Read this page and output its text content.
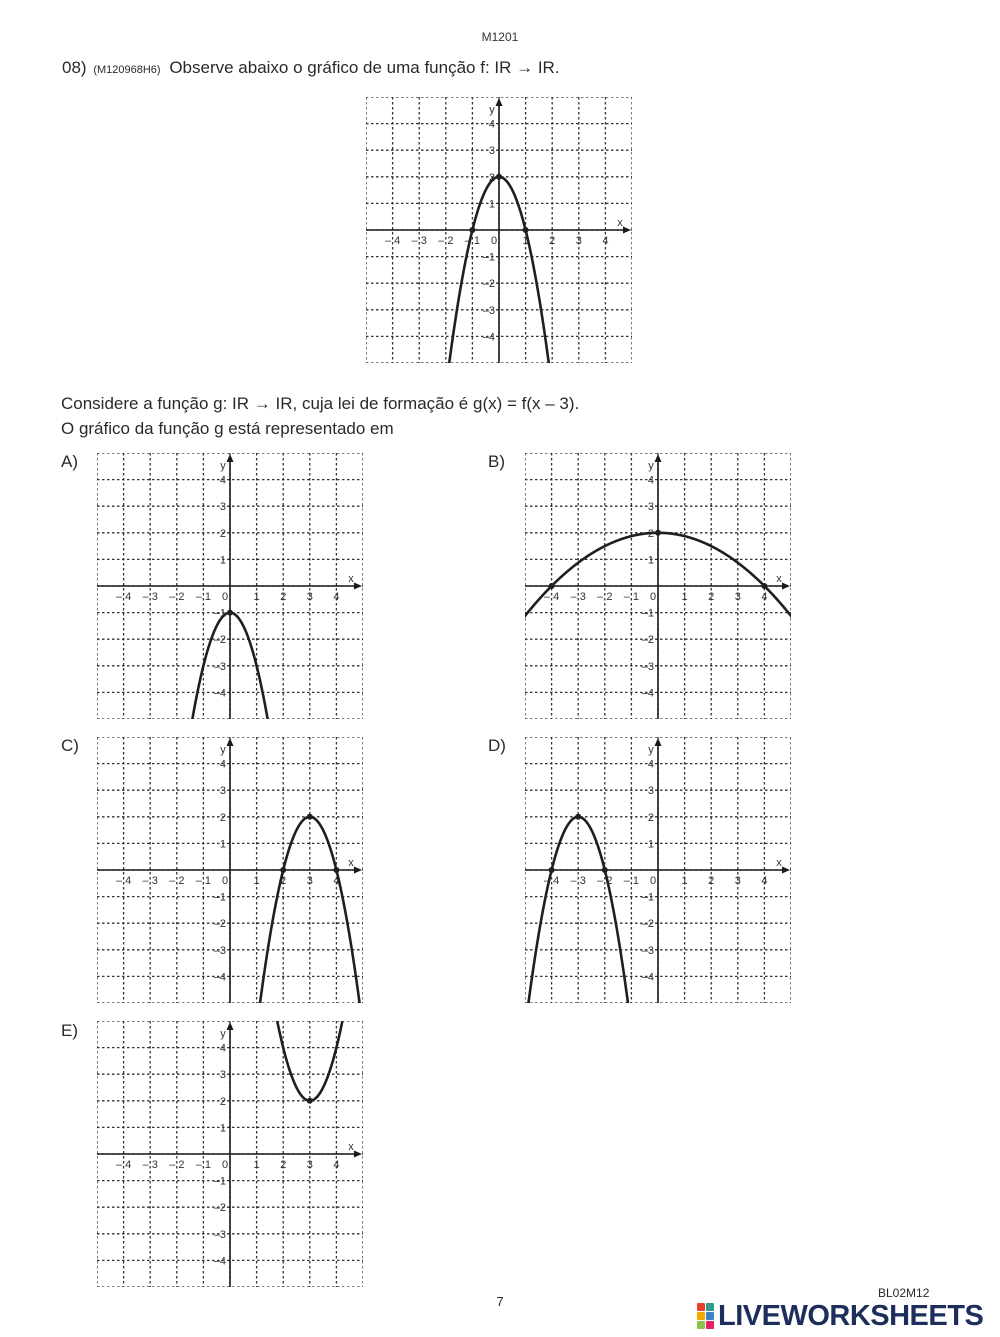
M1201
08) (M120968H6) Observe abaixo o gráfico de uma função f: IR → IR.
x
y
0
– 4 – 3 – 2 – 1	1 2 3 4
4
3
2
1
–1
–2
–3
–4
Considere a função g: IR → IR, cuja lei de formação é g(x) = f(x – 3).
O gráfico da função g está representado em
A)
x
y
0
– 4 – 3 – 2 – 1	1 2 3 4
4
3
2
1
–1
–2
–3
–4
B)
x
y
0
– 4 – 3 – 2 – 1	1 2 3 4
4
3
2
1
–1
–2
–3
–4
C)
x
y
0
– 4 – 3 – 2 – 1	1 2 3 4
4
3
2
1
–1
–2
–3
–4
D)
x
y
0
– 4 – 3 – 2 – 1	1 2 3 4
4
3
2
1
–1
–2
–3
–4
E)
x
y
0
– 4 – 3 – 2 – 1	1 2 3 4
4
3
2
1
–1
–2
–3
–4
7
BL02M12
LIVEWORKSHEETS
